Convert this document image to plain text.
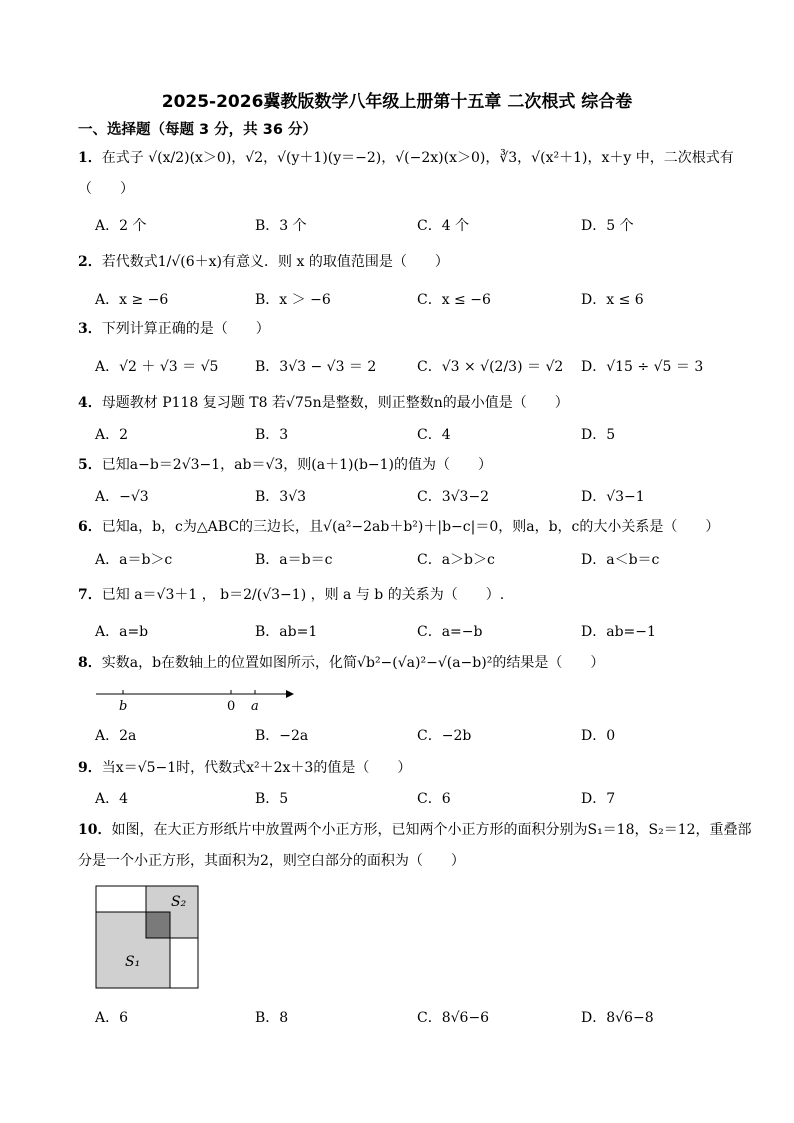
2025-2026冀教版数学八年级上册第十五章 二次根式 综合卷
一、选择题（每题 3 分，共 36 分）
1．在式子 √(x/2)(x＞0)，√2，√(y＋1)(y＝−2)，√(−2x)(x＞0)，∛3，√(x²＋1)，x＋y 中，二次根式有（　　）
A．2 个	B．3 个	C．4 个	D．5 个
2．若代数式1/√(6＋x)有意义．则 x 的取值范围是（　　）
A．x ≥ −6	B．x ＞ −6	C．x ≤ −6	D．x ≤ 6
3．下列计算正确的是（　　）
A．√2 ＋ √3 ＝ √5	B．3√3 − √3 ＝ 2	C．√3 × √(2/3) ＝ √2 D．√15 ÷ √5 ＝ 3
4．母题教材 P118 复习题 T8 若√75n是整数，则正整数n的最小值是（　　）
A．2	B．3	C．4	D．5
5．已知a−b＝2√3−1，ab＝√3，则(a＋1)(b−1)的值为（　　）
A．−√3	B．3√3	C．3√3−2	D．√3−1
6．已知a，b，c为△ABC的三边长，且√(a²−2ab＋b²)＋|b−c|＝0，则a，b，c的大小关系是（　　）
A．a＝b＞c	B．a＝b＝c	C．a＞b＞c	D．a＜b＝c
7．已知 a＝√3＋1 ， b＝2/(√3−1) ，则 a 与 b 的关系为（　　）.
A．a=b	B．ab=1	C．a=−b	D．ab=−1
8．实数a，b在数轴上的位置如图所示，化简√b²−(√a)²−√(a−b)²的结果是（　　）
b	0 a
A．2a	B．−2a	C．−2b	D．0
9．当x＝√5−1时，代数式x²＋2x＋3的值是（　　）
A．4	B．5	C．6	D．7
10．如图，在大正方形纸片中放置两个小正方形，已知两个小正方形的面积分别为S₁＝18，S₂＝12，重叠部分是一个小正方形，其面积为2，则空白部分的面积为（　　）
S₂
S₁
A．6	B．8	C．8√6−6	D．8√6−8
